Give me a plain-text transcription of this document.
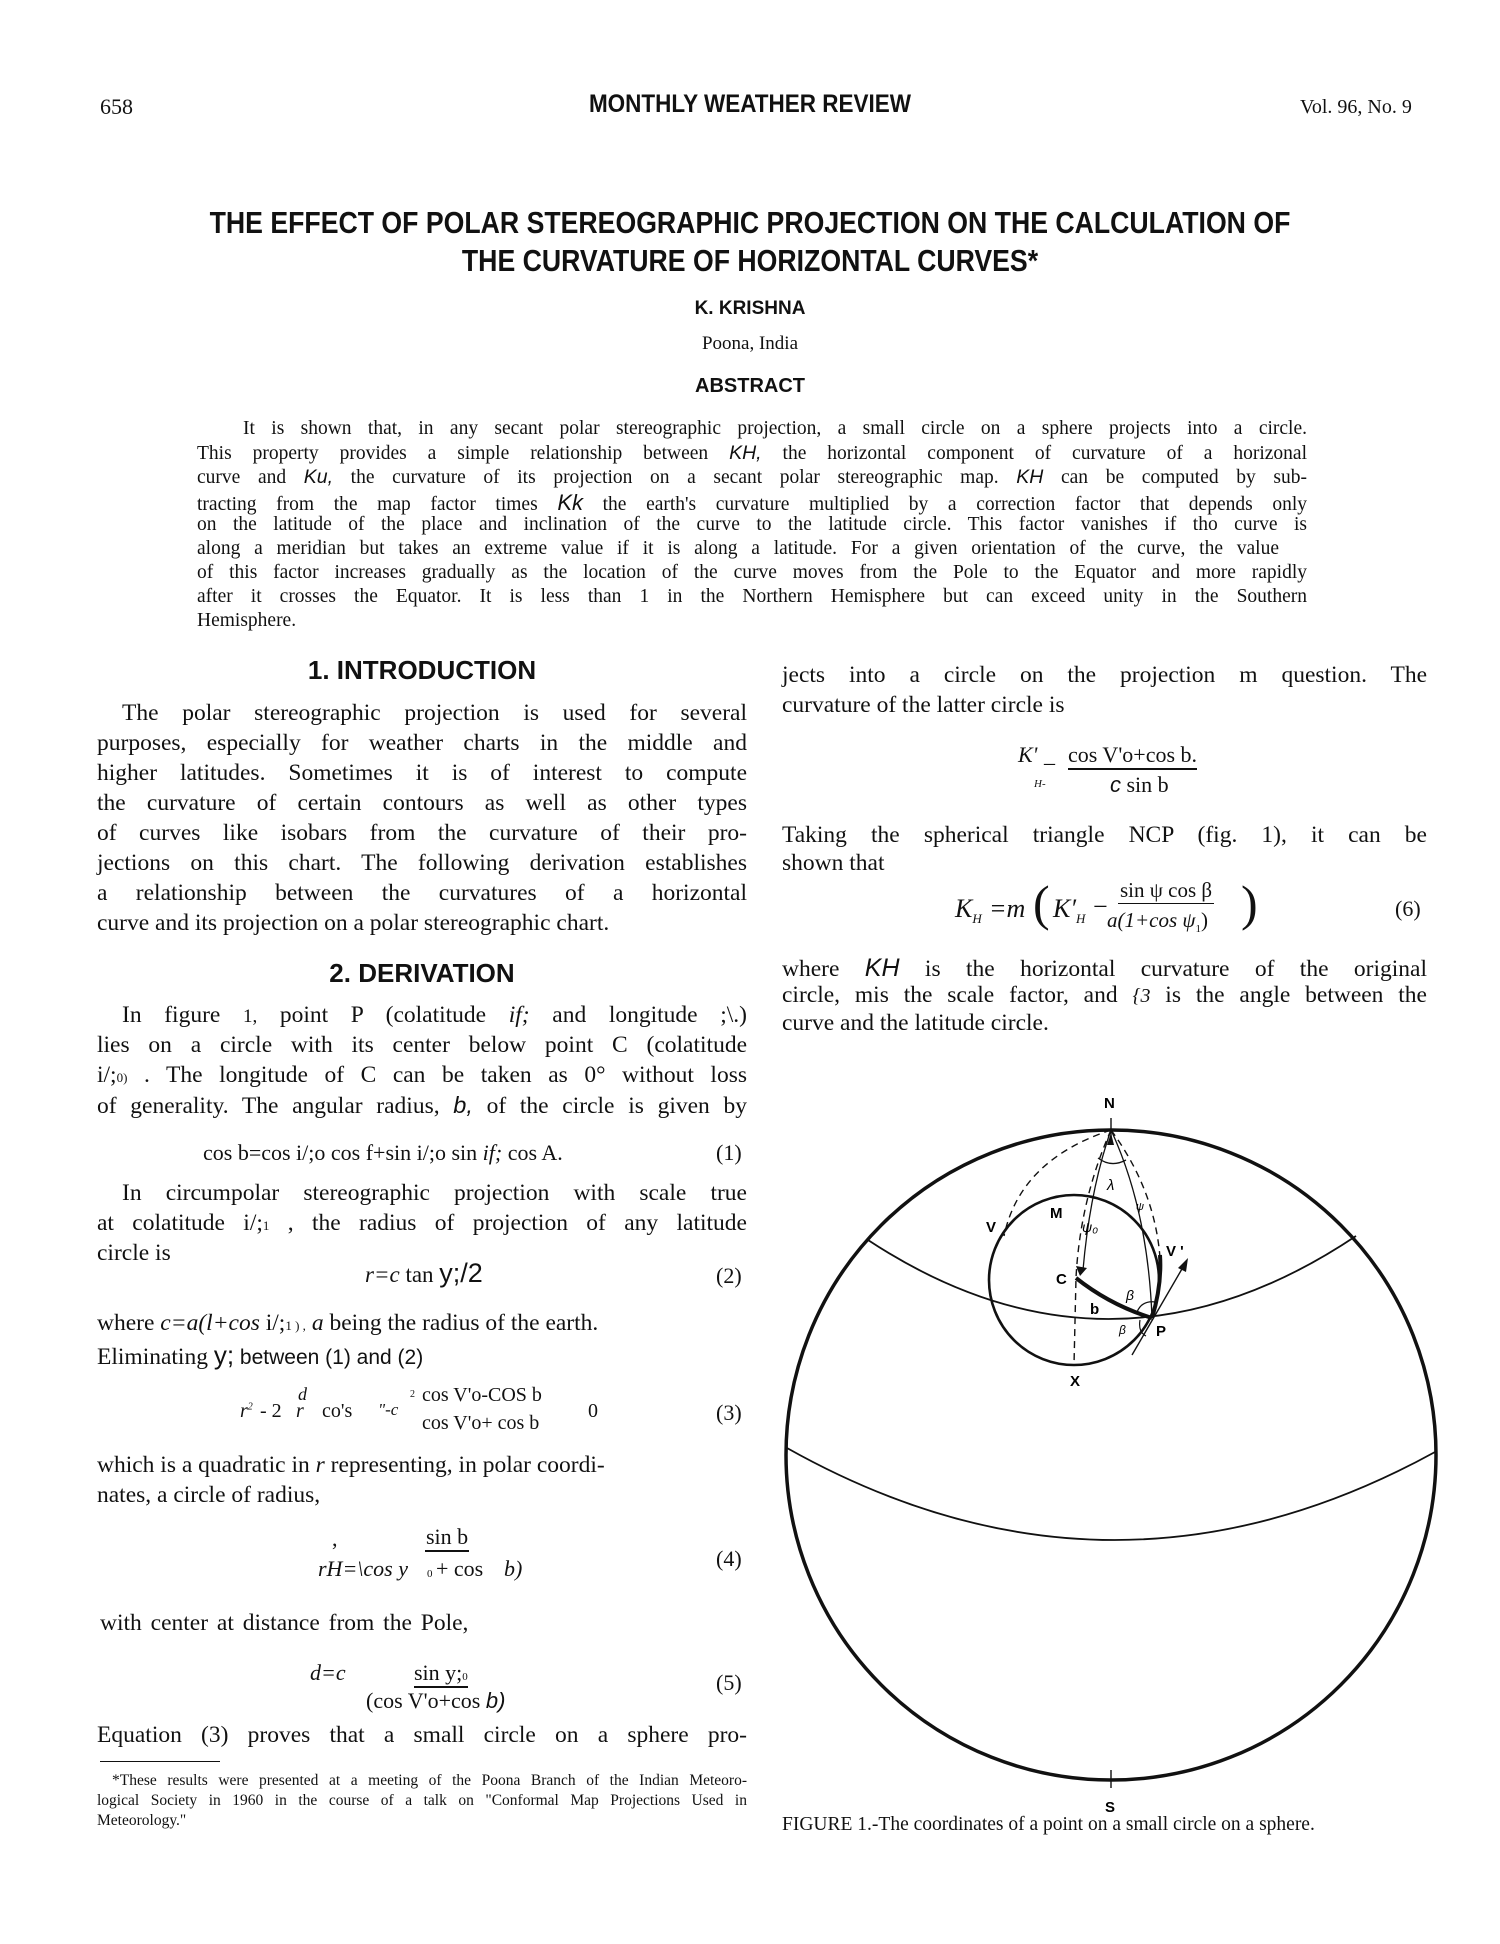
658	MONTHLY WEATHER REVIEW	Vol. 96, No. 9
THE EFFECT OF POLAR STEREOGRAPHIC PROJECTION ON THE CALCULATION OF
THE CURVATURE OF HORIZONTAL CURVES*
K. KRISHNA
Poona, India
ABSTRACT
It is shown that, in any secant polar stereographic projection, a small circle on a sphere projects into a circle.
This property provides a simple relationship between KH, the horizontal component of curvature of a horizonal
curve and Ku, the curvature of its projection on a secant polar stereographic map. KH can be computed by sub-
tracting from the map factor times Kk the earth's curvature multiplied by a correction factor that depends only
on the latitude of the place and inclination of the curve to the latitude circle. This factor vanishes if tho curve is
along a meridian but takes an extreme value if it is along a latitude. For a given orientation of the curve, the value
of this factor increases gradually as the location of the curve moves from the Pole to the Equator and more rapidly
after it crosses the Equator. It is less than 1 in the Northern Hemisphere but can exceed unity in the Southern
Hemisphere.
1. INTRODUCTION
The polar stereographic projection is used for several
purposes, especially for weather charts in the middle and
higher latitudes. Sometimes it is of interest to compute
the curvature of certain contours as well as other types
of curves like isobars from the curvature of their pro-
jections on this chart. The following derivation establishes
a relationship between the curvatures of a horizontal
curve and its projection on a polar stereographic chart.
2. DERIVATION
In figure 1, point P (colatitude if; and longitude ;\.)
lies on a circle with its center below point C (colatitude
i/;0) . The longitude of C can be taken as 0° without loss
of generality. The angular radius, b, of the circle is given by
cos b=cos i/;o cos f+sin i/;o sin if; cos A.	(1)
In circumpolar stereographic projection with scale true
at colatitude i/;1 , the radius of projection of any latitude
circle is
r=c tan y;/2	(2)
where c=a(l+cos i/;1 ) , a being the radius of the earth.
Eliminating y; between (1) and (2)
$r^2 - 2$
d
r co's "-c
2 cos V'o-COS b
cos V'o+ cos b
0	(3)
which is a quadratic in r representing, in polar coordi-
nates, a circle of radius,
,	sin b
rH=\cos y 0 + cos b)	(4)
with center at distance from the Pole,
d=c	sin y;0
(cos V'o+cos b)
(5)
Equation (3) proves that a small circle on a sphere pro-
*These results were presented at a meeting of the Poona Branch of the Indian Meteoro-
logical Society in 1960 in the course of a talk on "Conformal Map Projections Used in
Meteorology."
jects into a circle on the projection m question. The
curvature of the latter circle is
K' _
H-
cos V'o+cos b.
c sin b
Taking the spherical triangle NCP (fig. 1), it can be
shown that
$K_H =m$ ( $K'_H$ −
sin ψ cos β
a(1+cos $\psi_1$) )	(6)
where KH is the horizontal curvature of the original
circle, mis the scale factor, and {3 is the angle between the
curve and the latitude circle.
N
S
M
V
V '
C
P
X
b
λ
ψ
ψ₀
β
β
FIGURE 1.-The coordinates of a point on a small circle on a sphere.
